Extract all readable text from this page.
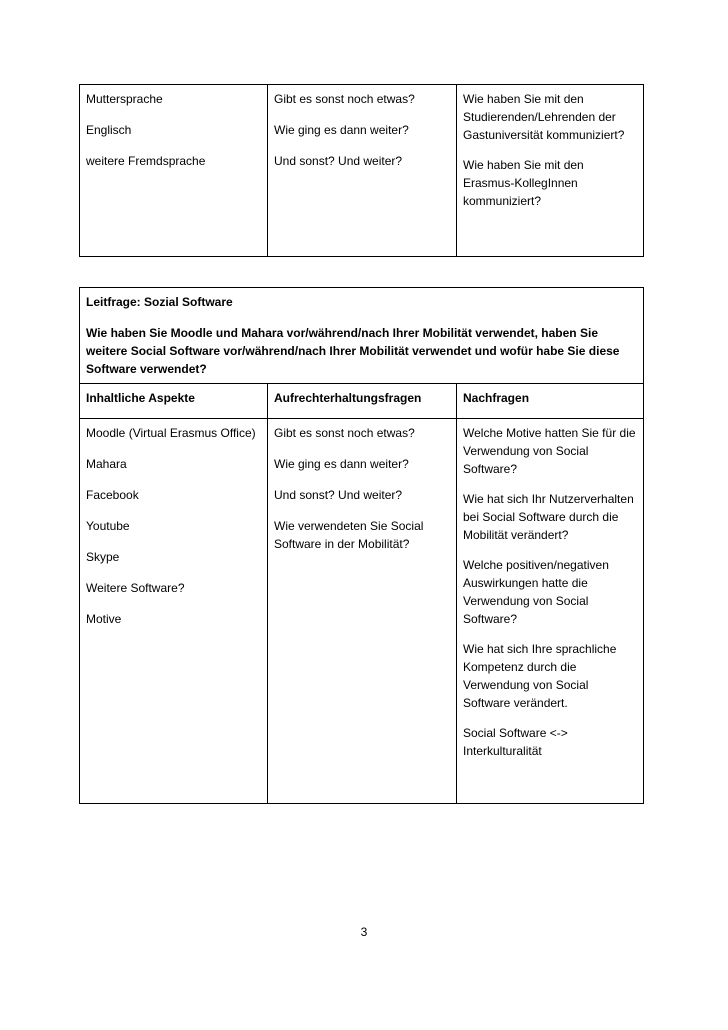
Muttersprache

Englisch

weitere Fremdsprache

Gibt es sonst noch etwas?

Wie ging es dann weiter?

Und sonst? Und weiter?

Wie haben Sie mit den Studierenden/Lehrenden der Gastuniversität kommuniziert?

Wie haben Sie mit den Erasmus-KollegInnen kommuniziert?

Leitfrage: Sozial Software

Wie haben Sie Moodle und Mahara vor/während/nach Ihrer Mobilität verwendet, haben Sie weitere Social Software vor/während/nach Ihrer Mobilität verwendet und wofür habe Sie diese Software verwendet?

Inhaltliche Aspekte	Aufrechterhaltungsfragen	Nachfragen

Moodle (Virtual Erasmus Office)

Mahara

Facebook

Youtube

Skype

Weitere Software?

Motive

Gibt es sonst noch etwas?

Wie ging es dann weiter?

Und sonst? Und weiter?

Wie verwendeten Sie Social Software in der Mobilität?

Welche Motive hatten Sie für die Verwendung von Social Software?

Wie hat sich Ihr Nutzerverhalten bei Social Software durch die Mobilität verändert?

Welche positiven/negativen Auswirkungen hatte die Verwendung von Social Software?

Wie hat sich Ihre sprachliche Kompetenz durch die Verwendung von Social Software verändert.

Social Software <-> Interkulturalität

3
